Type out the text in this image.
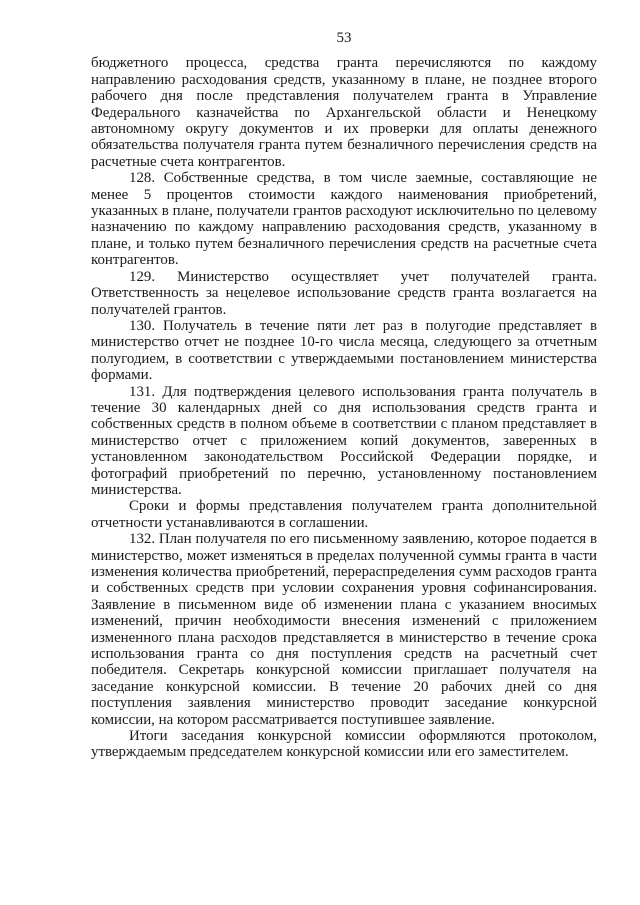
53

бюджетного процесса, средства гранта перечисляются по каждому направлению расходования средств, указанному в плане, не позднее второго рабочего дня после представления получателем гранта в Управление Федерального казначейства по Архангельской области и Ненецкому автономному округу документов и их проверки для оплаты денежного обязательства получателя гранта путем безналичного перечисления средств на расчетные счета контрагентов.

128. Собственные средства, в том числе заемные, составляющие не менее 5 процентов стоимости каждого наименования приобретений, указанных в плане, получатели грантов расходуют исключительно по целевому назначению по каждому направлению расходования средств, указанному в плане, и только путем безналичного перечисления средств на расчетные счета контрагентов.

129. Министерство осуществляет учет получателей гранта. Ответственность за нецелевое использование средств гранта возлагается на получателей грантов.

130. Получатель в течение пяти лет раз в полугодие представляет в министерство отчет не позднее 10-го числа месяца, следующего за отчетным полугодием, в соответствии с утверждаемыми постановлением министерства формами.

131. Для подтверждения целевого использования гранта получатель в течение 30 календарных дней со дня использования средств гранта и собственных средств в полном объеме в соответствии с планом представляет в министерство отчет с приложением копий документов, заверенных в установленном законодательством Российской Федерации порядке, и фотографий приобретений по перечню, установленному постановлением министерства.

Сроки и формы представления получателем гранта дополнительной отчетности устанавливаются в соглашении.

132. План получателя по его письменному заявлению, которое подается в министерство, может изменяться в пределах полученной суммы гранта в части изменения количества приобретений, перераспределения сумм расходов гранта и собственных средств при условии сохранения уровня софинансирования. Заявление в письменном виде об изменении плана с указанием вносимых изменений, причин необходимости внесения изменений с приложением измененного плана расходов представляется в министерство в течение срока использования гранта со дня поступления средств на расчетный счет победителя. Секретарь конкурсной комиссии приглашает получателя на заседание конкурсной комиссии. В течение 20 рабочих дней со дня поступления заявления министерство проводит заседание конкурсной комиссии, на котором рассматривается поступившее заявление.

Итоги заседания конкурсной комиссии оформляются протоколом, утверждаемым председателем конкурсной комиссии или его заместителем.
